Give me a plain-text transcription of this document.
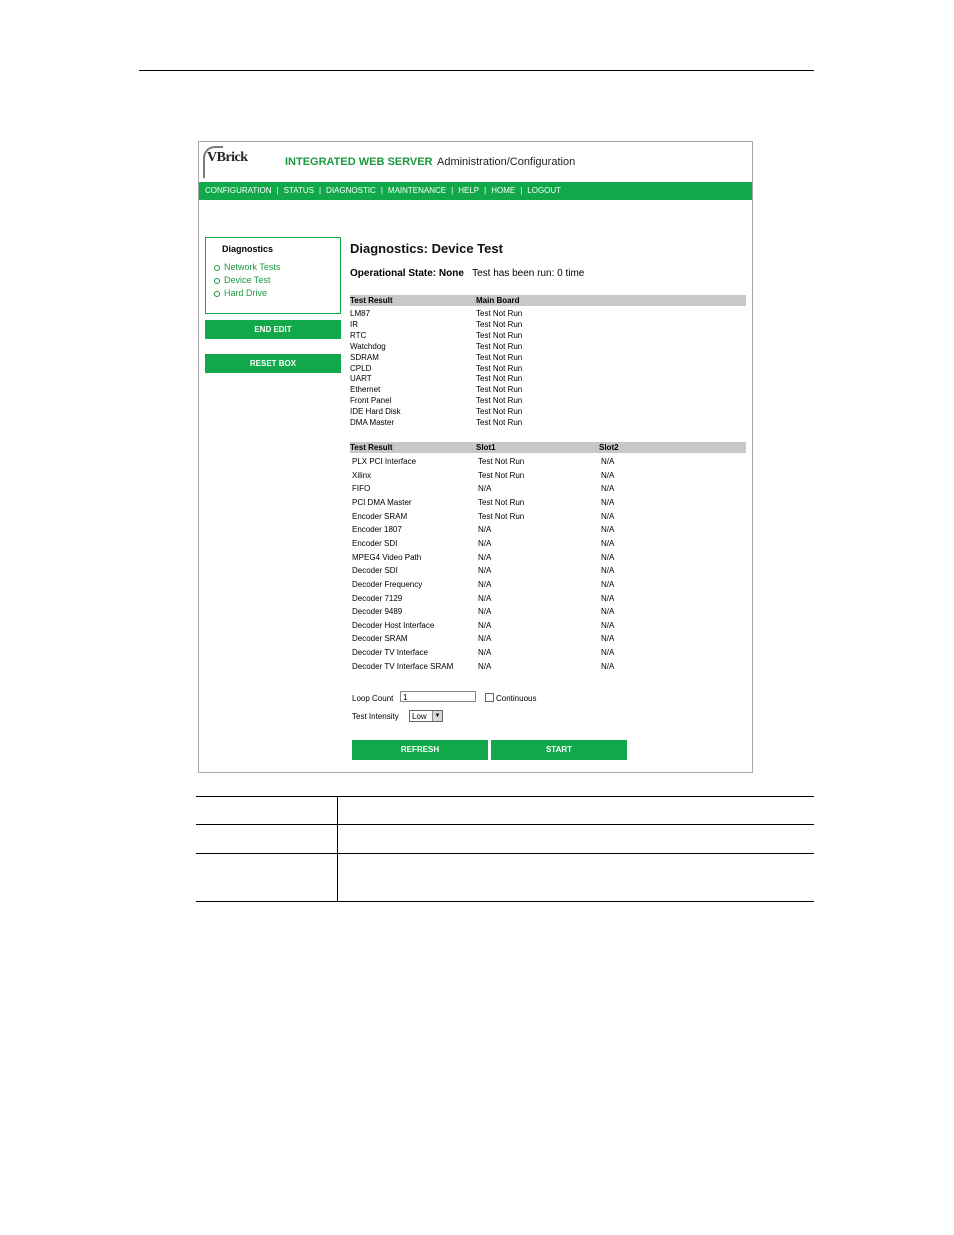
VBrick	INTEGRATED WEB SERVER Administration/Configuration
CONFIGURATION | STATUS | DIAGNOSTIC | MAINTENANCE | HELP | HOME | LOGOUT
Diagnostics
Network Tests
Device Test
Hard Drive
END EDIT
RESET BOX
Diagnostics: Device Test
Operational State: None Test has been run: 0 time
Test Result	Main Board
Test Result	Slot1	Slot2
Loop Count	1	Continuous
Test Intensity	Low	▼
REFRESH	START
LM87	Test Not Run
IR	Test Not Run
RTC	Test Not Run
Watchdog	Test Not Run
SDRAM	Test Not Run
CPLD	Test Not Run
UART	Test Not Run
Ethernet	Test Not Run
Front Panel	Test Not Run
IDE Hard Disk	Test Not Run
DMA Master	Test Not Run
PLX PCI Interface	Test Not Run	N/A
Xilinx	Test Not Run	N/A
FIFO	N/A	N/A
PCI DMA Master	Test Not Run	N/A
Encoder SRAM	Test Not Run	N/A
Encoder 1807	N/A	N/A
Encoder SDI	N/A	N/A
MPEG4 Video Path	N/A	N/A
Decoder SDI	N/A	N/A
Decoder Frequency	N/A	N/A
Decoder 7129	N/A	N/A
Decoder 9489	N/A	N/A
Decoder Host Interface	N/A	N/A
Decoder SRAM	N/A	N/A
Decoder TV Interface	N/A	N/A
Decoder TV Interface SRAM	N/A	N/A
